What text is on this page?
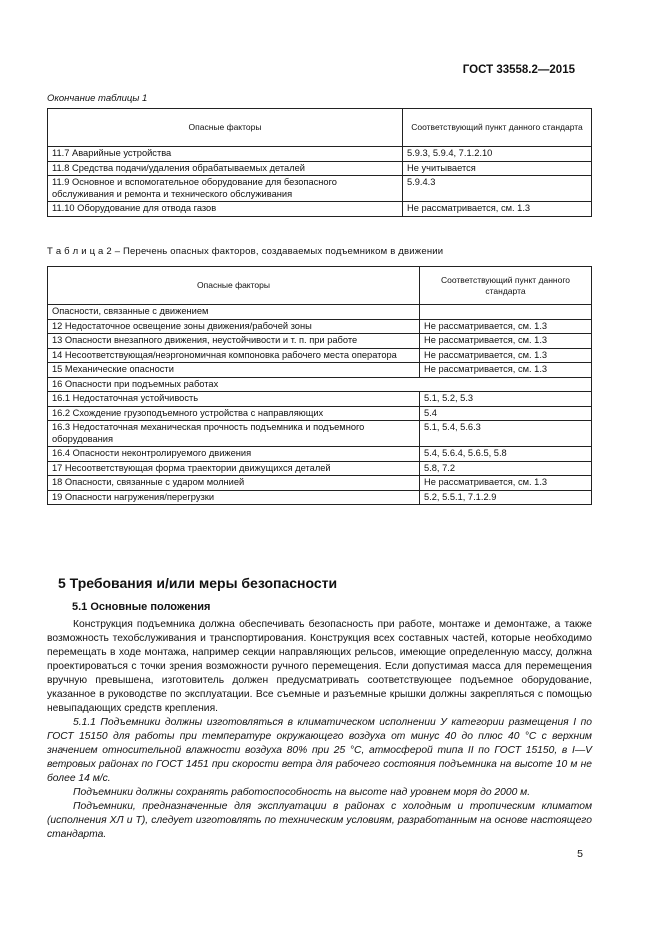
ГОСТ 33558.2—2015
Окончание таблицы 1
Опасные факторы	Соответствующий пункт данного стандарта
11.7 Аварийные устройства	5.9.3, 5.9.4, 7.1.2.10
11.8 Средства подачи/удаления обрабатываемых деталей	Не учитывается
11.9 Основное и вспомогательное оборудование для безопасного обслуживания и ремонта и технического обслуживания	5.9.4.3
11.10 Оборудование для отвода газов	Не рассматривается, см. 1.3
Т а б л и ц а 2 – Перечень опасных факторов, создаваемых подъемником в движении
Опасные факторы	Соответствующий пункт данного стандарта
Опасности, связанные с движением	
12 Недостаточное освещение зоны движения/рабочей зоны	Не рассматривается, см. 1.3
13 Опасности внезапного движения, неустойчивости и т. п. при работе	Не рассматривается, см. 1.3
14 Несоответствующая/неэргономичная компоновка рабочего места оператора	Не рассматривается, см. 1.3
15 Механические опасности	Не рассматривается, см. 1.3
16 Опасности при подъемных работах	
16.1 Недостаточная устойчивость	5.1, 5.2, 5.3
16.2 Схождение грузоподъемного устройства с направляющих	5.4
16.3 Недостаточная механическая прочность подъемника и подъемного оборудования	5.1, 5.4, 5.6.3
16.4 Опасности неконтролируемого движения	5.4, 5.6.4, 5.6.5, 5.8
17 Несоответствующая форма траектории движущихся деталей	5.8, 7.2
18 Опасности, связанные с ударом молнией	Не рассматривается, см. 1.3
19 Опасности нагружения/перегрузки	5.2, 5.5.1, 7.1.2.9
5 Требования и/или меры безопасности
5.1 Основные положения

Конструкция подъемника должна обеспечивать безопасность при работе, монтаже и демонтаже, а также возможность техобслуживания и транспортирования. Конструкция всех составных частей, которые необходимо перемещать в ходе монтажа, например секции направляющих рельсов, имеющие определенную массу, должна проектироваться с точки зрения возможности ручного перемещения. Если допустимая масса для перемещения вручную превышена, изготовитель должен предусматривать соответствующее подъемное оборудование, указанное в руководстве по эксплуатации. Все съемные и разъемные крышки должны закрепляться с помощью невыпадающих средств крепления.

5.1.1 Подъемники должны изготовляться в климатическом исполнении У категории размещения I по ГОСТ 15150 для работы при температуре окружающего воздуха от минус 40 до плюс 40 °С с верхним значением относительной влажности воздуха 80% при 25 °С, атмосферой типа II по ГОСТ 15150, в I—V ветровых районах по ГОСТ 1451 при скорости ветра для рабочего состояния подъемника на высоте 10 м не более 14 м/с.

Подъемники должны сохранять работоспособность на высоте над уровнем моря до 2000 м.

Подъемники, предназначенные для эксплуатации в районах с холодным и тропическим климатом (исполнения ХЛ и Т), следует изготовлять по техническим условиям, разработанным на основе настоящего стандарта.

5
